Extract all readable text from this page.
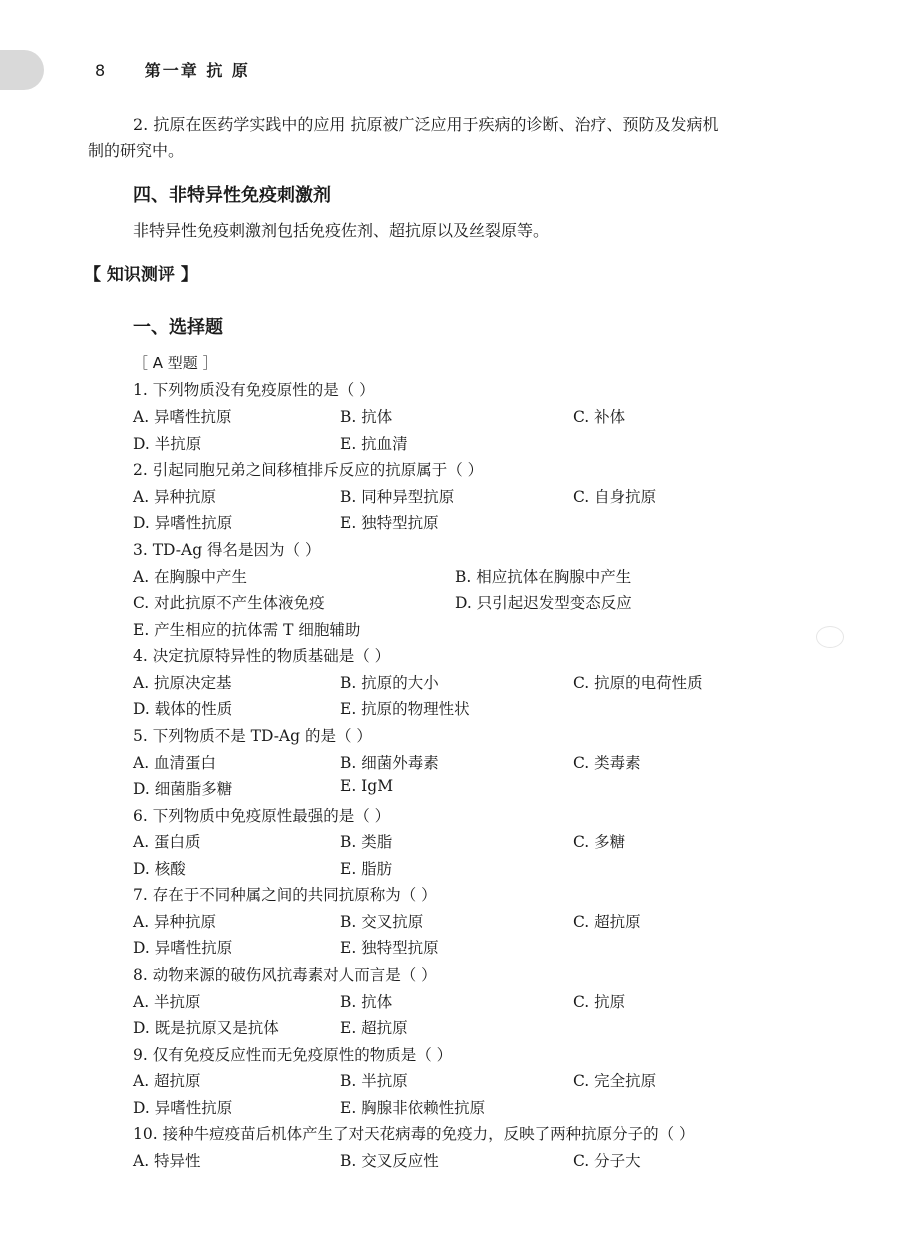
8 第一章 抗 原
2. 抗原在医药学实践中的应用 抗原被广泛应用于疾病的诊断、治疗、预防及发病机
制的研究中。
四、非特异性免疫刺激剂
非特异性免疫刺激剂包括免疫佐剂、超抗原以及丝裂原等。
【 知识测评 】
一、选择题
［ A 型题 ］
1. 下列物质没有免疫原性的是（ ）
A. 异嗜性抗原	B. 抗体	C. 补体
D. 半抗原	E. 抗血清
2. 引起同胞兄弟之间移植排斥反应的抗原属于（ ）
A. 异种抗原	B. 同种异型抗原	C. 自身抗原
D. 异嗜性抗原	E. 独特型抗原
3. TD-Ag 得名是因为（ ）
A. 在胸腺中产生	B. 相应抗体在胸腺中产生
C. 对此抗原不产生体液免疫	D. 只引起迟发型变态反应
E. 产生相应的抗体需 T 细胞辅助
4. 决定抗原特异性的物质基础是（ ）
A. 抗原决定基	B. 抗原的大小	C. 抗原的电荷性质
D. 载体的性质	E. 抗原的物理性状
5. 下列物质不是 TD-Ag 的是（ ）
A. 血清蛋白	B. 细菌外毒素	C. 类毒素
D. 细菌脂多糖	E. IgM
6. 下列物质中免疫原性最强的是（ ）
A. 蛋白质	B. 类脂	C. 多糖
D. 核酸	E. 脂肪
7. 存在于不同种属之间的共同抗原称为（ ）
A. 异种抗原	B. 交叉抗原	C. 超抗原
D. 异嗜性抗原	E. 独特型抗原
8. 动物来源的破伤风抗毒素对人而言是（ ）
A. 半抗原	B. 抗体	C. 抗原
D. 既是抗原又是抗体	E. 超抗原
9. 仅有免疫反应性而无免疫原性的物质是（ ）
A. 超抗原	B. 半抗原	C. 完全抗原
D. 异嗜性抗原	E. 胸腺非依赖性抗原
10. 接种牛痘疫苗后机体产生了对天花病毒的免疫力，反映了两种抗原分子的（ ）
A. 特异性	B. 交叉反应性	C. 分子大
